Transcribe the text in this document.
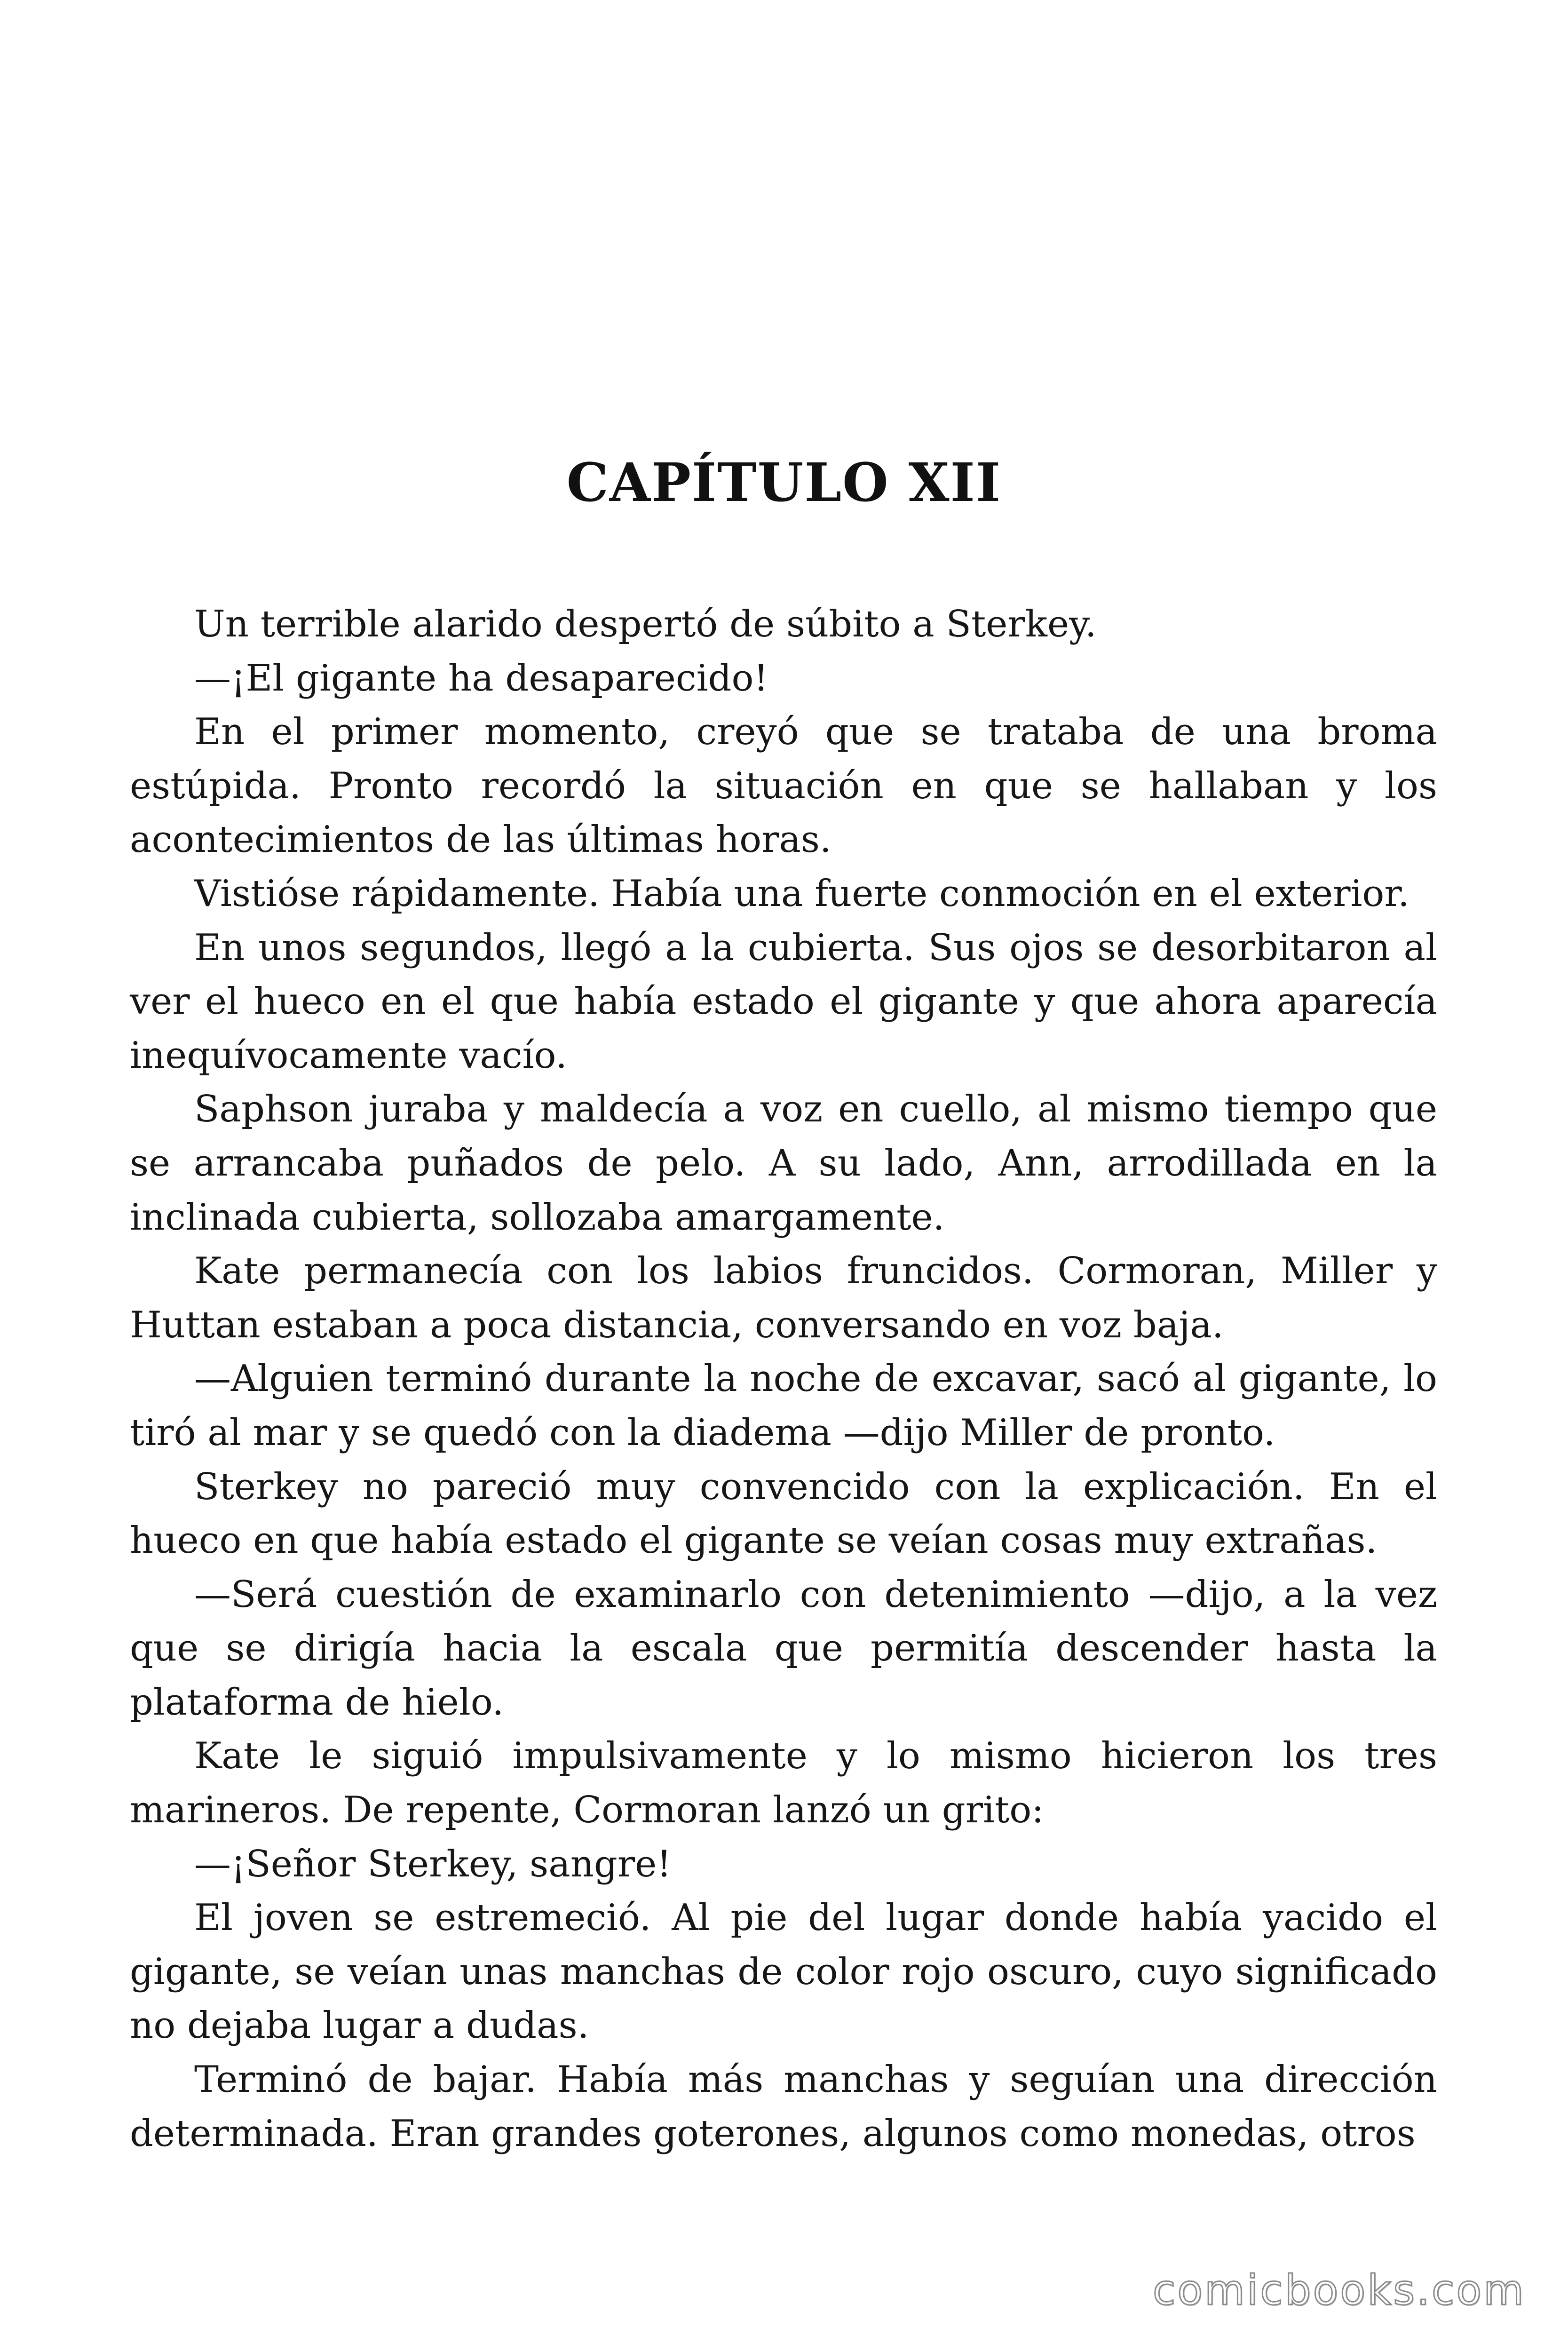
CAPÍTULO XII

Un terrible alarido despertó de súbito a Sterkey.

—¡El gigante ha desaparecido!

En el primer momento, creyó que se trataba de una broma estúpida. Pronto recordó la situación en que se hallaban y los acontecimientos de las últimas horas.

Vistióse rápidamente. Había una fuerte conmoción en el exterior.

En unos segundos, llegó a la cubierta. Sus ojos se desorbitaron al ver el hueco en el que había estado el gigante y que ahora aparecía inequívocamente vacío.

Saphson juraba y maldecía a voz en cuello, al mismo tiempo que se arrancaba puñados de pelo. A su lado, Ann, arrodillada en la inclinada cubierta, sollozaba amargamente.

Kate permanecía con los labios fruncidos. Cormoran, Miller y Huttan estaban a poca distancia, conversando en voz baja.

—Alguien terminó durante la noche de excavar, sacó al gigante, lo tiró al mar y se quedó con la diadema —dijo Miller de pronto.

Sterkey no pareció muy convencido con la explicación. En el hueco en que había estado el gigante se veían cosas muy extrañas.

—Será cuestión de examinarlo con detenimiento —dijo, a la vez que se dirigía hacia la escala que permitía descender hasta la plataforma de hielo.

Kate le siguió impulsivamente y lo mismo hicieron los tres marineros. De repente, Cormoran lanzó un grito:

—¡Señor Sterkey, sangre!

El joven se estremeció. Al pie del lugar donde había yacido el gigante, se veían unas manchas de color rojo oscuro, cuyo significado no dejaba lugar a dudas.

Terminó de bajar. Había más manchas y seguían una dirección determinada. Eran grandes goterones, algunos como monedas, otros

comicbooks.com
